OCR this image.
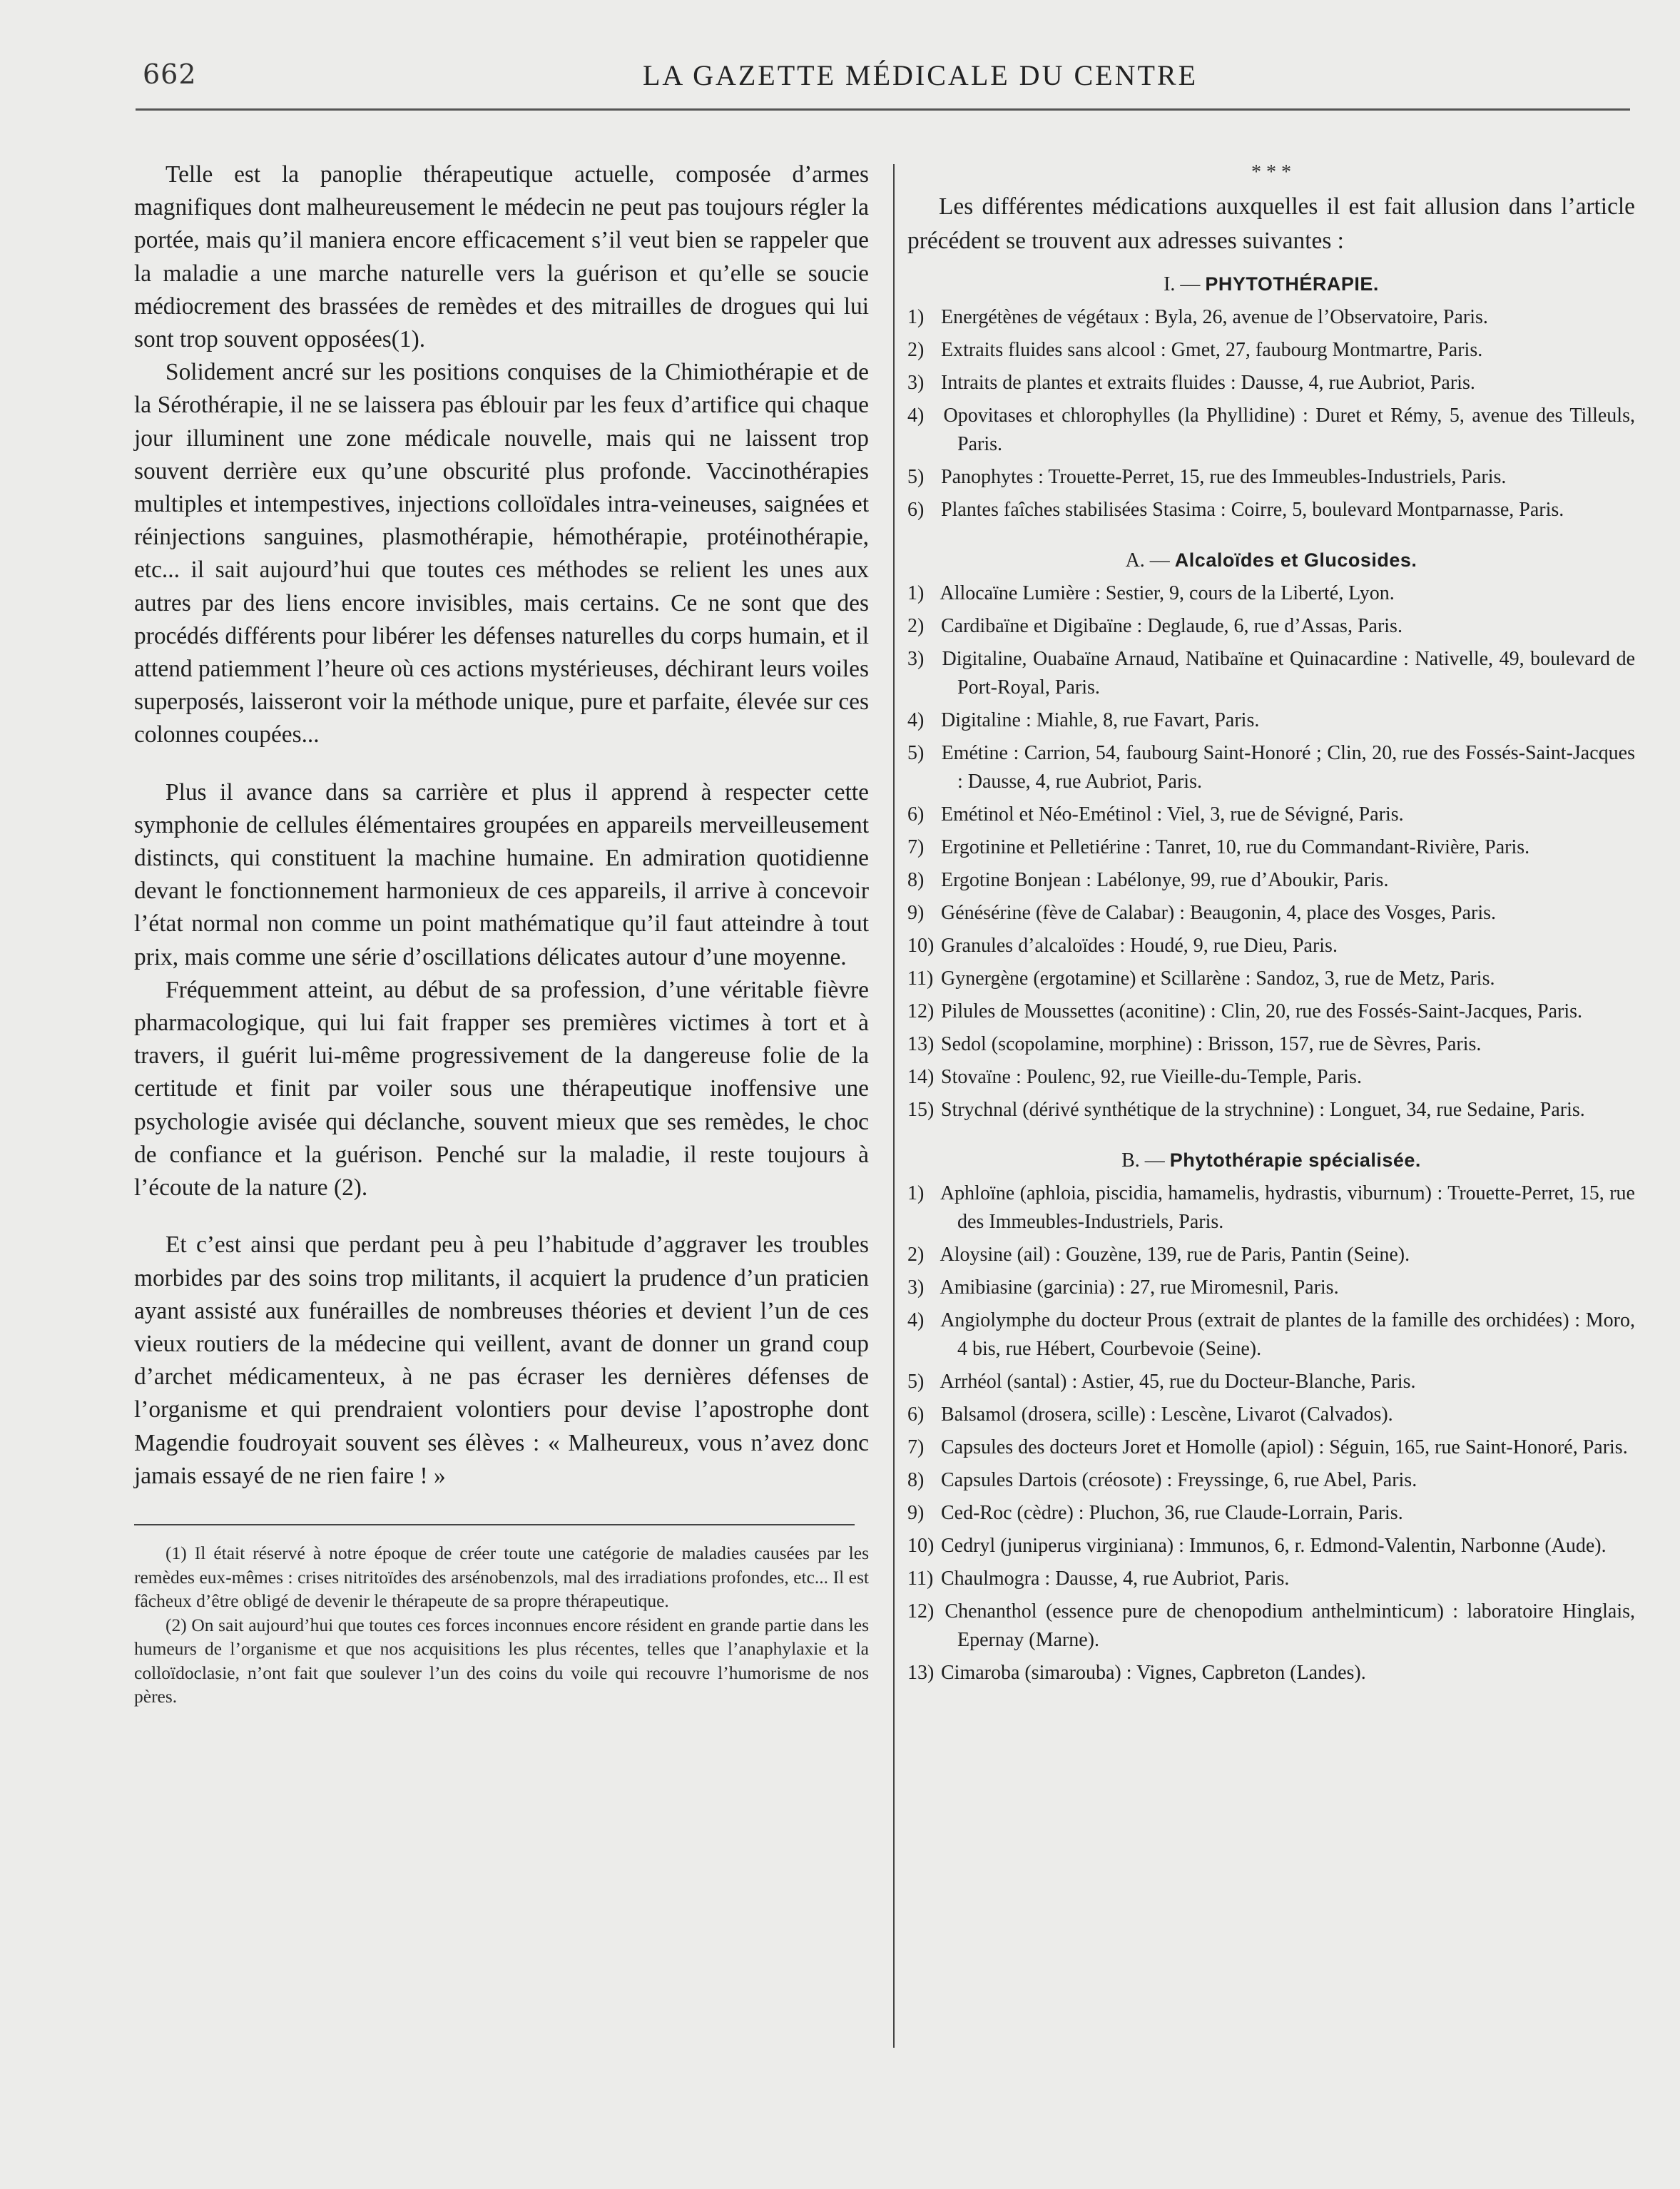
662	LA GAZETTE MÉDICALE DU CENTRE

Telle est la panoplie thérapeutique actuelle, composée d’armes magnifiques dont malheureusement le médecin ne peut pas toujours régler la portée, mais qu’il maniera encore efficacement s’il veut bien se rappeler que la maladie a une marche naturelle vers la guérison et qu’elle se soucie médiocrement des brassées de remèdes et des mitrailles de drogues qui lui sont trop souvent opposées(1).

Solidement ancré sur les positions conquises de la Chimiothérapie et de la Sérothérapie, il ne se laissera pas éblouir par les feux d’artifice qui chaque jour illuminent une zone médicale nouvelle, mais qui ne laissent trop souvent derrière eux qu’une obscurité plus profonde. Vaccinothérapies multiples et intempestives, injections colloïdales intra-veineuses, saignées et réinjections sanguines, plasmothérapie, hémothérapie, protéinothérapie, etc... il sait aujourd’hui que toutes ces méthodes se relient les unes aux autres par des liens encore invisibles, mais certains. Ce ne sont que des procédés différents pour libérer les défenses naturelles du corps humain, et il attend patiemment l’heure où ces actions mystérieuses, déchirant leurs voiles superposés, laisseront voir la méthode unique, pure et parfaite, élevée sur ces colonnes coupées...

Plus il avance dans sa carrière et plus il apprend à respecter cette symphonie de cellules élémentaires groupées en appareils merveilleusement distincts, qui constituent la machine humaine. En admiration quotidienne devant le fonctionnement harmonieux de ces appareils, il arrive à concevoir l’état normal non comme un point mathématique qu’il faut atteindre à tout prix, mais comme une série d’oscillations délicates autour d’une moyenne.

Fréquemment atteint, au début de sa profession, d’une véritable fièvre pharmacologique, qui lui fait frapper ses premières victimes à tort et à travers, il guérit lui-même progressivement de la dangereuse folie de la certitude et finit par voiler sous une thérapeutique inoffensive une psychologie avisée qui déclanche, souvent mieux que ses remèdes, le choc de confiance et la guérison. Penché sur la maladie, il reste toujours à l’écoute de la nature (2).

Et c’est ainsi que perdant peu à peu l’habitude d’aggraver les troubles morbides par des soins trop militants, il acquiert la prudence d’un praticien ayant assisté aux funérailles de nombreuses théories et devient l’un de ces vieux routiers de la médecine qui veillent, avant de donner un grand coup d’archet médicamenteux, à ne pas écraser les dernières défenses de l’organisme et qui prendraient volontiers pour devise l’apostrophe dont Magendie foudroyait souvent ses élèves : « Malheureux, vous n’avez donc jamais essayé de ne rien faire ! »

(1) Il était réservé à notre époque de créer toute une catégorie de maladies causées par les remèdes eux-mêmes : crises nitritoïdes des arsénobenzols, mal des irradiations profondes, etc... Il est fâcheux d’être obligé de devenir le thérapeute de sa propre thérapeutique.

(2) On sait aujourd’hui que toutes ces forces inconnues encore résident en grande partie dans les humeurs de l’organisme et que nos acquisitions les plus récentes, telles que l’anaphylaxie et la colloïdoclasie, n’ont fait que soulever l’un des coins du voile qui recouvre l’humorisme de nos pères.

* * *

Les différentes médications auxquelles il est fait allusion dans l’article précédent se trouvent aux adresses suivantes :

I. — PHYTOTHÉRAPIE.
1) Energétènes de végétaux : Byla, 26, avenue de l’Observatoire, Paris.
2) Extraits fluides sans alcool : Gmet, 27, faubourg Montmartre, Paris.
3) Intraits de plantes et extraits fluides : Dausse, 4, rue Aubriot, Paris.
4) Opovitases et chlorophylles (la Phyllidine) : Duret et Rémy, 5, avenue des Tilleuls, Paris.
5) Panophytes : Trouette-Perret, 15, rue des Immeubles-Industriels, Paris.
6) Plantes faîches stabilisées Stasima : Coirre, 5, boulevard Montparnasse, Paris.
A. — Alcaloïdes et Glucosides.
1) Allocaïne Lumière : Sestier, 9, cours de la Liberté, Lyon.
2) Cardibaïne et Digibaïne : Deglaude, 6, rue d’Assas, Paris.
3) Digitaline, Ouabaïne Arnaud, Natibaïne et Quinacardine : Nativelle, 49, boulevard de Port-Royal, Paris.
4) Digitaline : Miahle, 8, rue Favart, Paris.
5) Emétine : Carrion, 54, faubourg Saint-Honoré ; Clin, 20, rue des Fossés-Saint-Jacques : Dausse, 4, rue Aubriot, Paris.
6) Emétinol et Néo-Emétinol : Viel, 3, rue de Sévigné, Paris.
7) Ergotinine et Pelletiérine : Tanret, 10, rue du Commandant-Rivière, Paris.
8) Ergotine Bonjean : Labélonye, 99, rue d’Aboukir, Paris.
9) Génésérine (fève de Calabar) : Beaugonin, 4, place des Vosges, Paris.
10) Granules d’alcaloïdes : Houdé, 9, rue Dieu, Paris.
11) Gynergène (ergotamine) et Scillarène : Sandoz, 3, rue de Metz, Paris.
12) Pilules de Moussettes (aconitine) : Clin, 20, rue des Fossés-Saint-Jacques, Paris.
13) Sedol (scopolamine, morphine) : Brisson, 157, rue de Sèvres, Paris.
14) Stovaïne : Poulenc, 92, rue Vieille-du-Temple, Paris.
15) Strychnal (dérivé synthétique de la strychnine) : Longuet, 34, rue Sedaine, Paris.
B. — Phytothérapie spécialisée.
1) Aphloïne (aphloia, piscidia, hamamelis, hydrastis, viburnum) : Trouette-Perret, 15, rue des Immeubles-Industriels, Paris.
2) Aloysine (ail) : Gouzène, 139, rue de Paris, Pantin (Seine).
3) Amibiasine (garcinia) : 27, rue Miromesnil, Paris.
4) Angiolymphe du docteur Prous (extrait de plantes de la famille des orchidées) : Moro, 4 bis, rue Hébert, Courbevoie (Seine).
5) Arrhéol (santal) : Astier, 45, rue du Docteur-Blanche, Paris.
6) Balsamol (drosera, scille) : Lescène, Livarot (Calvados).
7) Capsules des docteurs Joret et Homolle (apiol) : Séguin, 165, rue Saint-Honoré, Paris.
8) Capsules Dartois (créosote) : Freyssinge, 6, rue Abel, Paris.
9) Ced-Roc (cèdre) : Pluchon, 36, rue Claude-Lorrain, Paris.
10) Cedryl (juniperus virginiana) : Immunos, 6, r. Edmond-Valentin, Narbonne (Aude).
11) Chaulmogra : Dausse, 4, rue Aubriot, Paris.
12) Chenanthol (essence pure de chenopodium anthelminticum) : laboratoire Hinglais, Epernay (Marne).
13) Cimaroba (simarouba) : Vignes, Capbreton (Landes).
